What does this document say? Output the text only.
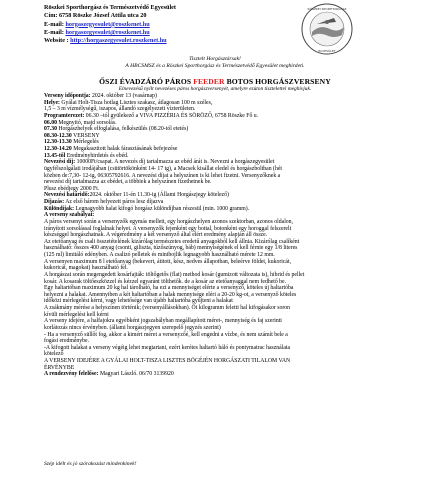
Röszkei Sporthorgász és Természetvédő Egyesület
Cím: 6758 Röszke József Attila utca 20
E-mail: horgaszegyesulet@roszkenet.hu
E-mail: horgaszegyesulet@roszkenet.hu
Website : http://horgaszegyesulet.roszkenet.hu
RÖSZKEI SPORTHORGÁSZ
EGYESÜLET
Tisztelt Horgásztársak!
A HBCSMSZ és a Röszkei Sporthorgász és Természetvédő Egyesület meghirdeti.
ŐSZI ÉVADZÁRÓ PÁROS FEEDER BOTOS HORGÁSZVERSENY
Elnevezésű nyílt nevezéses páros horgászversenyét, amelyre ezúton tisztelettel meghívjuk.

Verseny időpontja: 2024. október 13 (vasárnap)

Helye: Gyálai Holt-Tisza hotlag Lisztes szakasz, átlagosan 100 m széles,

1,5 – 3 m vízmélységű, iszapos, állandó szegélyezett vízterületen.

Programterezet: 06.30 –tól gyülekező a VIVA PIZZÉRIA ÉS SÖRÖZŐ, 6758 Röszke Fő u.

06.00 Megnyitó, majd sorsolás.

07.30 Horgászhelyek elfoglalása, felkészülés (08.20-tól etetés)

08.30-12.30 VERSENY

12.30-13.30 Mérlegelés

12.30-14.20 Megakaszttott halak fárasztásának befejezése

13.45-től Eredményhirdetés és ebéd.

Nevezési díj: 10000Ft/csapat. A nevezés díj tartalmazza az ebéd árát is. Nevezni a horgászegyesület

ügyfélszolgálati irodájában (csütörtökönként 14- 17 ig), a Macsek kisállat eledel és horgászboltban (hét

közben de:7,30- 12-ig, 06305792616. A nevezési díjat a helyszínen is ki lehet fizetni. Versenyzőknek a

nevezési díj tartalmazza az ebédet, a többiek a helyszínen fizethetnek be.

Plusz ebédjegy 2000 Ft.

Nevezési határidő:2024. október 11-én 11.30-ig (Állami Horgászjegy kötelező)

Díjazás: Az első három helyezett páros lesz díjazva

Különdíjak: Legnagyobb halat kifogó horgász különdíjban részesül (min. 1000 gramm).

A verseny szabályai:

A páros versenyt során a versenyzők egymás mellett, egy horgászhelyen azonos szektorban, azonos oldalon,

irányított sorsolással foglalnak helyet. A versenyzők fejenként egy bottal, botonként egy horoggal felszerelt

készséggel horgászhatnak. A végeredmény a két versenyző által elért eredmény alapján áll össze.

Az etetőanyag és csali összetételének kizárólag természetes eredetű anyagokból kell állnia. Kizárólag csalíként

használható: összes 400 anyag (csonti, giliszta, túzőszúnyog, báb) mennyiségének el kell férnie egy 1/8 literes

(125 ml) limitáló edényben. A csalizó pelletek és minibojlik legnagyobb használható mérete 12 mm.

A versenyen maximum 8 l etetőanyag (bekevert, átitott, kész, nedves állapotban, beleérve földet, kukoricát,

kukoricát, magokat) használható fel.

A horgászat során megengedett kosárfajták: töltőgetős (flat) method kosár (gumizott változata is), hibrid és pellet

kosár. A kosarak töltőeszközzel és kézzel egyaránt tölthetők. de a kosár az etetőanyaggal nem fedhető be.

Egy haltartóban maximum 20 kg hal tárolható, ha ezt a mennyiséget elérte a versenyző, köteles új haltartóba

helyezni a halakat. Amennyiben a két haltartóban a halak mennyisége eléri a 20-20 kg-ot, a versenyző köteles

időközi mérlegelést kérni, vagy lehetősége van újabb haltartóba gyűjteni a halakat

A zsákmány mérése a helyszínen történik; (versenyállásokban). Öt kilogramm feletti hal kifogásakor soron

kívüli mérlegelést kell kérni

A verseny idejére, a halfajokra egyébként jogszabályban megállapított méret-, mennyiség és faj szerinti

korlátozás nincs érvényben. (állami horgászjegyen szerepelő jegyzés szerint)

- Ha a versenyző süllőt fog, akkor a kimért méret a versenyzőé, kell engedni a vízbe, és nem számít bele a

fogási eredménybe.

-A kifogott halakat a verseny végéig lehet megtartani, ezért kerétes haltartó háló és pontymatrac használata

kötelező

A VERSENY IDEJÉRE A GYÁLAI HOLT-TISZA LISZTES BÖGÉJÉN HORGÁSZATI TILALOM VAN

ÉRVÉNYBE

A rendezvény felelőse: Magyari László. 06/70 3139920

Szép idélt és jó szórakozást mindenkinek!
